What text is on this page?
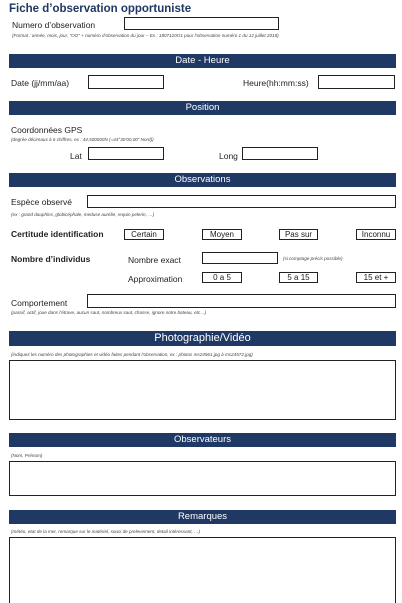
Fiche d’observation opportuniste
Numero d’observation
(Format : année, mois, jour, "OO" + numéro d’observation du jour – Ex : 1807120O1 pour l’observation numéro 1 du 12 juillet 2018)
Date - Heure
Date (jj/mm/aa)	Heure(hh:mm:ss)
Position
Coordonnées GPS
(degrée décimaux à 6 chiffres, ex : 44,500000N (=44°30’00,00” Nord))
Lat	Long
Observations
Espèce observé
(ex : grand dauphins, globicéphale, meduse aurélie, requin pelerin, …)
Certitude identification	Certain	Moyen	Pas sur	Inconnu
Nombre d’individus	Nombre exact	(si comptage précis possible)
Approximation	0 a 5	5 a 15	15 et +
Comportement
(passif, actif, joue dans l’étrave, aucun saut, nombreux saut, chasse, ignore notre bateau, etc…)
Photographie/Vidéo
(indiquez les numéro des photographies et vidéo faites pendant l’observation, ex : photos ms24561.jpg à ms24572.jpg)
Observateurs
(Nom, Prénom)
Remarques
(météo, etat de la mer, remarque sur le matériel, souci de prelevement, detail intéressant, …)
